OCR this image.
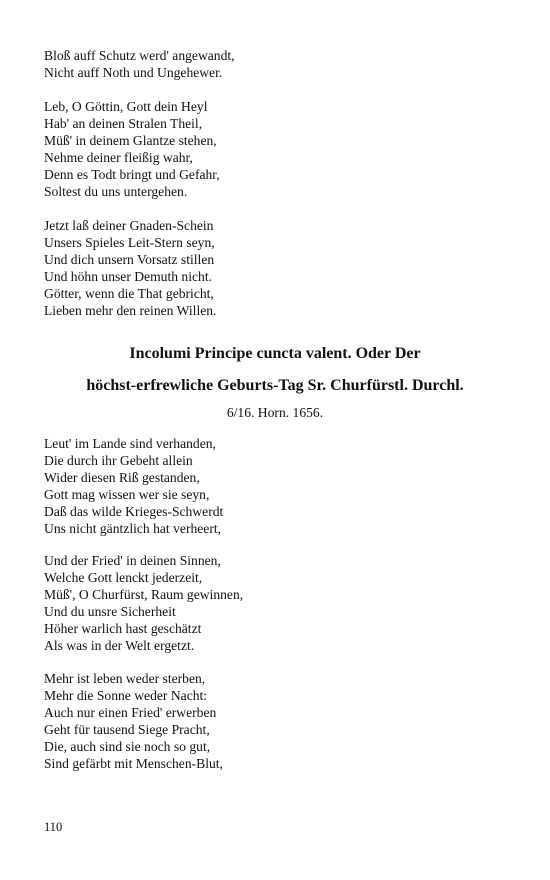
Bloß auff Schutz werd' angewandt,
Nicht auff Noth und Ungehewer.

Leb, O Göttin, Gott dein Heyl
Hab' an deinen Stralen Theil,
Müß' in deinem Glantze stehen,
Nehme deiner fleißig wahr,
Denn es Todt bringt und Gefahr,
Soltest du uns untergehen.

Jetzt laß deiner Gnaden-Schein
Unsers Spieles Leit-Stern seyn,
Und dich unsern Vorsatz stillen
Und höhn unser Demuth nicht.
Götter, wenn die That gebricht,
Lieben mehr den reinen Willen.

Incolumi Principe cuncta valent. Oder Der

höchst-erfrewliche Geburts-Tag Sr. Churfürstl. Durchl.

6/16. Horn. 1656.

Leut' im Lande sind verhanden,
Die durch ihr Gebeht allein
Wider diesen Riß gestanden,
Gott mag wissen wer sie seyn,
Daß das wilde Krieges-Schwerdt
Uns nicht gäntzlich hat verheert,

Und der Fried' in deinen Sinnen,
Welche Gott lenckt jederzeit,
Müß', O Churfürst, Raum gewinnen,
Und du unsre Sicherheit
Höher warlich hast geschätzt
Als was in der Welt ergetzt.

Mehr ist leben weder sterben,
Mehr die Sonne weder Nacht:
Auch nur einen Fried' erwerben
Geht für tausend Siege Pracht,
Die, auch sind sie noch so gut,
Sind gefärbt mit Menschen-Blut,

110
